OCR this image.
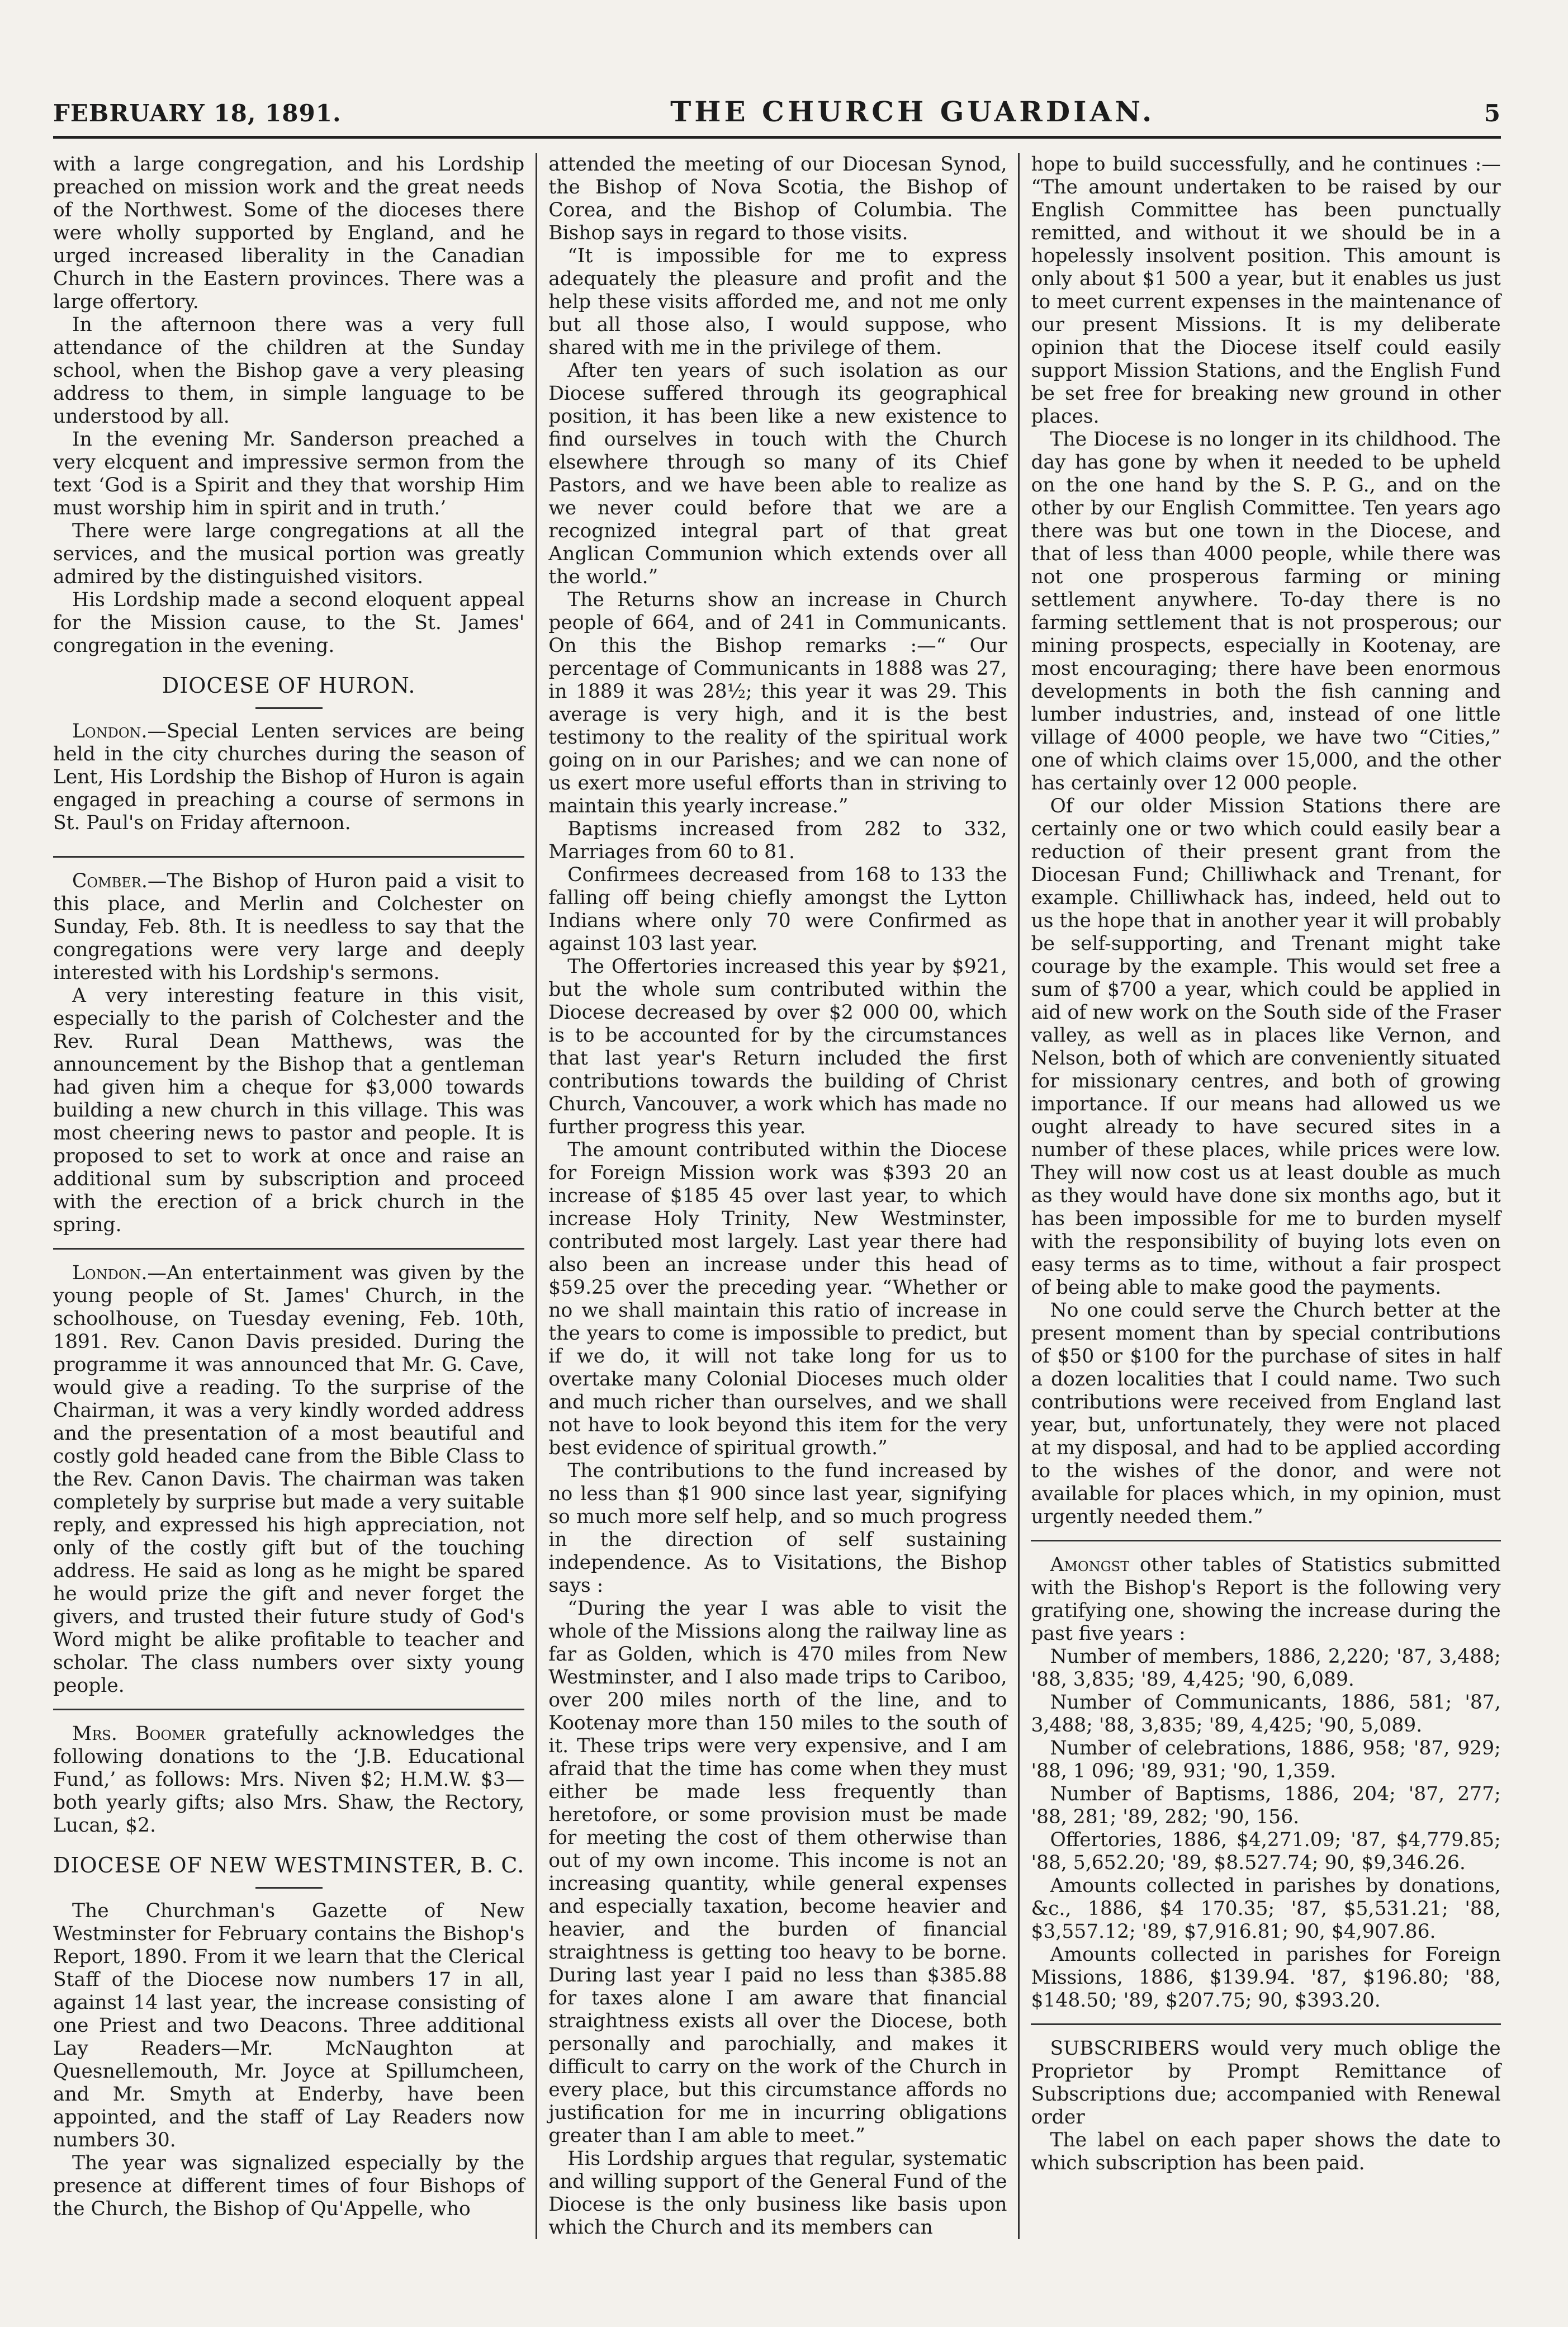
FEBRUARY 18, 1891.	THE CHURCH GUARDIAN.	5

with a large congregation, and his Lordship preached on mission work and the great needs of the Northwest. Some of the dioceses there were wholly supported by England, and he urged increased liberality in the Canadian Church in the Eastern provinces. There was a large offertory.

In the afternoon there was a very full attendance of the children at the Sunday school, when the Bishop gave a very pleasing address to them, in simple language to be understood by all.

In the evening Mr. Sanderson preached a very elcquent and impressive sermon from the text ‘God is a Spirit and they that worship Him must worship him in spirit and in truth.’

There were large congregations at all the services, and the musical portion was greatly admired by the distinguished visitors.

His Lordship made a second eloquent appeal for the Mission cause, to the St. James' congregation in the evening.

DIOCESE OF HURON.

London.—Special Lenten services are being held in the city churches during the season of Lent, His Lordship the Bishop of Huron is again engaged in preaching a course of sermons in St. Paul's on Friday afternoon.

Comber.—The Bishop of Huron paid a visit to this place, and Merlin and Colchester on Sunday, Feb. 8th. It is needless to say that the congregations were very large and deeply interested with his Lordship's sermons.

A very interesting feature in this visit, especially to the parish of Colchester and the Rev. Rural Dean Matthews, was the announcement by the Bishop that a gentleman had given him a cheque for $3,000 towards building a new church in this village. This was most cheering news to pastor and people. It is proposed to set to work at once and raise an additional sum by subscription and proceed with the erection of a brick church in the spring.

London.—An entertainment was given by the young people of St. James' Church, in the schoolhouse, on Tuesday evening, Feb. 10th, 1891. Rev. Canon Davis presided. During the programme it was announced that Mr. G. Cave, would give a reading. To the surprise of the Chairman, it was a very kindly worded address and the presentation of a most beautiful and costly gold headed cane from the Bible Class to the Rev. Canon Davis. The chairman was taken completely by surprise but made a very suitable reply, and expressed his high appreciation, not only of the costly gift but of the touching address. He said as long as he might be spared he would prize the gift and never forget the givers, and trusted their future study of God's Word might be alike profitable to teacher and scholar. The class numbers over sixty young people.

Mrs. Boomer gratefully acknowledges the following donations to the ‘J.B. Educational Fund,’ as follows: Mrs. Niven $2; H.M.W. $3—both yearly gifts; also Mrs. Shaw, the Rectory, Lucan, $2.

DIOCESE OF NEW WESTMINSTER, B. C.

The Churchman's Gazette of New Westminster for February contains the Bishop's Report, 1890. From it we learn that the Clerical Staff of the Diocese now numbers 17 in all, against 14 last year, the increase consisting of one Priest and two Deacons. Three additional Lay Readers—Mr. McNaughton at Quesnellemouth, Mr. Joyce at Spillumcheen, and Mr. Smyth at Enderby, have been appointed, and the staff of Lay Readers now numbers 30.

The year was signalized especially by the presence at different times of four Bishops of the Church, the Bishop of Qu'Appelle, who

attended the meeting of our Diocesan Synod, the Bishop of Nova Scotia, the Bishop of Corea, and the Bishop of Columbia. The Bishop says in regard to those visits.

“It is impossible for me to express adequately the pleasure and profit and the help these visits afforded me, and not me only but all those also, I would suppose, who shared with me in the privilege of them.

After ten years of such isolation as our Diocese suffered through its geographical position, it has been like a new existence to find ourselves in touch with the Church elsewhere through so many of its Chief Pastors, and we have been able to realize as we never could before that we are a recognized integral part of that great Anglican Communion which extends over all the world.”

The Returns show an increase in Church people of 664, and of 241 in Communicants. On this the Bishop remarks :—“ Our percentage of Communicants in 1888 was 27, in 1889 it was 28½; this year it was 29. This average is very high, and it is the best testimony to the reality of the spiritual work going on in our Parishes; and we can none of us exert more useful efforts than in striving to maintain this yearly increase.”

Baptisms increased from 282 to 332, Marriages from 60 to 81.

Confirmees decreased from 168 to 133 the falling off being chiefly amongst the Lytton Indians where only 70 were Confirmed as against 103 last year.

The Offertories increased this year by $921, but the whole sum contributed within the Diocese decreased by over $2 000 00, which is to be accounted for by the circumstances that last year's Return included the first contributions towards the building of Christ Church, Vancouver, a work which has made no further progress this year.

The amount contributed within the Diocese for Foreign Mission work was $393 20 an increase of $185 45 over last year, to which increase Holy Trinity, New Westminster, contributed most largely. Last year there had also been an increase under this head of $59.25 over the preceding year. “Whether or no we shall maintain this ratio of increase in the years to come is impossible to predict, but if we do, it will not take long for us to overtake many Colonial Dioceses much older and much richer than ourselves, and we shall not have to look beyond this item for the very best evidence of spiritual growth.”

The contributions to the fund increased by no less than $1 900 since last year, signifying so much more self help, and so much progress in the direction of self sustaining independence. As to Visitations, the Bishop says :

“During the year I was able to visit the whole of the Missions along the railway line as far as Golden, which is 470 miles from New Westminster, and I also made trips to Cariboo, over 200 miles north of the line, and to Kootenay more than 150 miles to the south of it. These trips were very expensive, and I am afraid that the time has come when they must either be made less frequently than heretofore, or some provision must be made for meeting the cost of them otherwise than out of my own income. This income is not an increasing quantity, while general expenses and especially taxation, become heavier and heavier, and the burden of financial straightness is getting too heavy to be borne. During last year I paid no less than $385.88 for taxes alone I am aware that financial straightness exists all over the Diocese, both personally and parochially, and makes it difficult to carry on the work of the Church in every place, but this circumstance affords no justification for me in incurring obligations greater than I am able to meet.”

His Lordship argues that regular, systematic and willing support of the General Fund of the Diocese is the only business like basis upon which the Church and its members can

hope to build successfully, and he continues :— “The amount undertaken to be raised by our English Committee has been punctually remitted, and without it we should be in a hopelessly insolvent position. This amount is only about $1 500 a year, but it enables us just to meet current expenses in the maintenance of our present Missions. It is my deliberate opinion that the Diocese itself could easily support Mission Stations, and the English Fund be set free for breaking new ground in other places.

The Diocese is no longer in its childhood. The day has gone by when it needed to be upheld on the one hand by the S. P. G., and on the other by our English Committee. Ten years ago there was but one town in the Diocese, and that of less than 4000 people, while there was not one prosperous farming or mining settlement anywhere. To-day there is no farming settlement that is not prosperous; our mining prospects, especially in Kootenay, are most encouraging; there have been enormous developments in both the fish canning and lumber industries, and, instead of one little village of 4000 people, we have two “Cities,” one of which claims over 15,000, and the other has certainly over 12 000 people.

Of our older Mission Stations there are certainly one or two which could easily bear a reduction of their present grant from the Diocesan Fund; Chilliwhack and Trenant, for example. Chilliwhack has, indeed, held out to us the hope that in another year it will probably be self-supporting, and Trenant might take courage by the example. This would set free a sum of $700 a year, which could be applied in aid of new work on the South side of the Fraser valley, as well as in places like Vernon, and Nelson, both of which are conveniently situated for missionary centres, and both of growing importance. If our means had allowed us we ought already to have secured sites in a number of these places, while prices were low. They will now cost us at least double as much as they would have done six months ago, but it has been impossible for me to burden myself with the responsibility of buying lots even on easy terms as to time, without a fair prospect of being able to make good the payments.

No one could serve the Church better at the present moment than by special contributions of $50 or $100 for the purchase of sites in half a dozen localities that I could name. Two such contributions were received from England last year, but, unfortunately, they were not placed at my disposal, and had to be applied according to the wishes of the donor, and were not available for places which, in my opinion, must urgently needed them.”

Amongst other tables of Statistics submitted with the Bishop's Report is the following very gratifying one, showing the increase during the past five years :

Number of members, 1886, 2,220; '87, 3,488; '88, 3,835; '89, 4,425; '90, 6,089.

Number of Communicants, 1886, 581; '87, 3,488; '88, 3,835; '89, 4,425; '90, 5,089.

Number of celebrations, 1886, 958; '87, 929; '88, 1 096; '89, 931; '90, 1,359.

Number of Baptisms, 1886, 204; '87, 277; '88, 281; '89, 282; '90, 156.

Offertories, 1886, $4,271.09; '87, $4,779.85; '88, 5,652.20; '89, $8.527.74; 90, $9,346.26.

Amounts collected in parishes by donations, &c., 1886, $4 170.35; '87, $5,531.21; '88, $3,557.12; '89, $7,916.81; 90, $4,907.86.

Amounts collected in parishes for Foreign Missions, 1886, $139.94. '87, $196.80; '88, $148.50; '89, $207.75; 90, $393.20.

SUBSCRIBERS would very much oblige the Proprietor by Prompt Remittance of Subscriptions due; accompanied with Renewal order

The label on each paper shows the date to which subscription has been paid.
